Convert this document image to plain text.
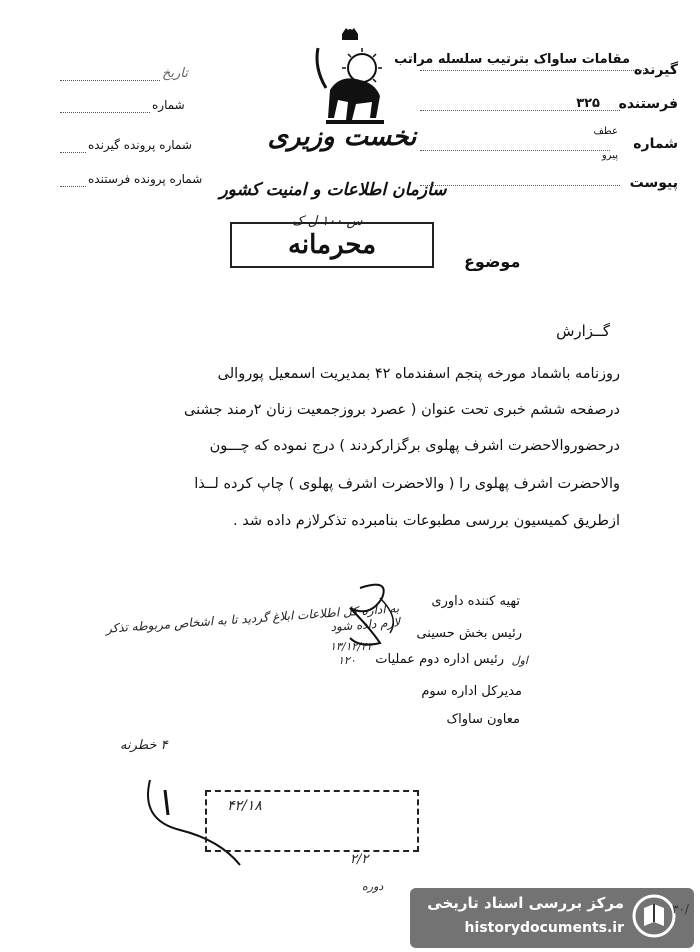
نخست وزیری
سازمان اطلاعات و امنیت کشور
س ۱۰۰ ل ک
محرمانه
موضوع
گیرنده
مقامات ساواک بترتیب سلسله مراتب
فرستنده
۳۲۵
شماره
عطف
پیرو
پیوست
تاریخ
شماره
شماره پرونده گیرنده
شماره پرونده فرستنده
گــزارش
روزنامه باشماد مورخه پنجم اسفندماه ۴۲ بمدیریت اسمعیل پوروالی
درصفحه ششم خبری تحت عنوان ( عصرد بروزجمعیت زنان ۲رمند جشنی
درحضوروالاحضرت اشرف پهلوی برگزارکردند ) درج نموده که چـــون
والاحضرت اشرف پهلوی را ( والاحضرت اشرف پهلوی ) چاپ کرده لــذا
ازطریق کمیسیون بررسی مطبوعات بنامبرده تذکرلازم داده شد .
تهیه کننده داوری
رئیس بخش حسینی
رئیس اداره دوم عملیات اول
مدیرکل اداره سوم
معاون ساواک
به اداره کل اطلاعات ابلاغ گردید تا به اشخاص مربوطه تذکر لازم داده شود
۱۳/۱۲/۴۲
۱۲۰
۴ خطرنه
۴۲/۱۸
۲/۲
دوره
مرکز بررسی اسناد تاریخی
historydocuments.ir
۳۰/
